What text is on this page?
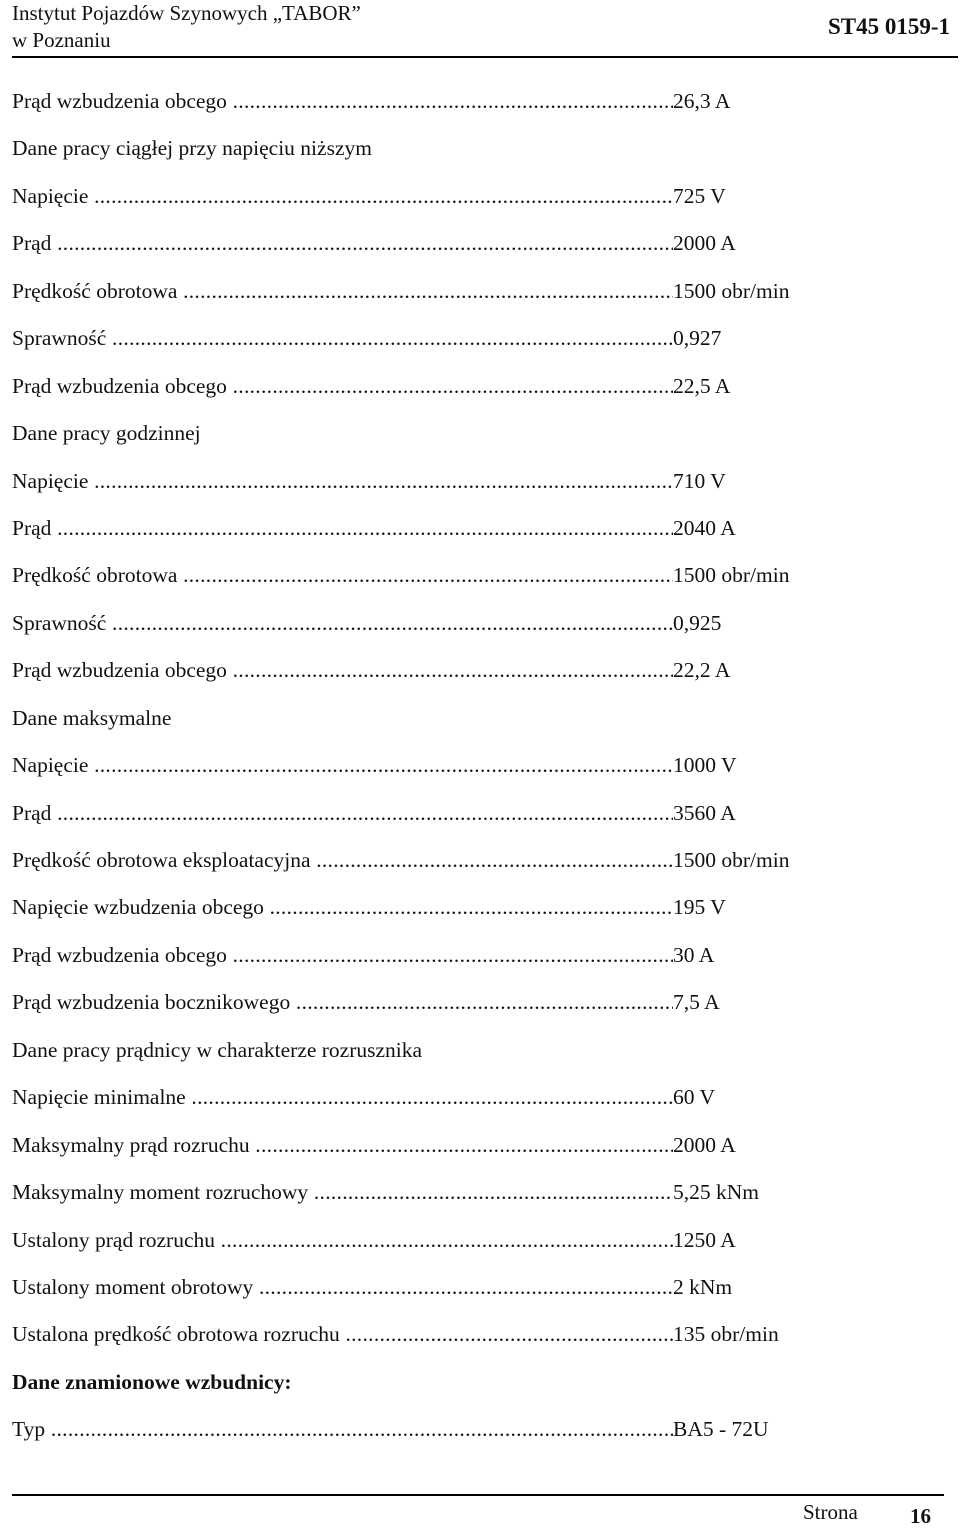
Instytut Pojazdów Szynowych „TABOR”
w Poznaniu
ST45 0159-1
Prąd wzbudzenia obcego .....	26,3 A
Dane pracy ciągłej przy napięciu niższym
Napięcie .....	725 V
Prąd .....	2000 A
Prędkość obrotowa .....	1500 obr/min
Sprawność .....	0,927
Prąd wzbudzenia obcego .....	22,5 A
Dane pracy godzinnej
Napięcie .....	710 V
Prąd .....	2040 A
Prędkość obrotowa .....	1500 obr/min
Sprawność .....	0,925
Prąd wzbudzenia obcego .....	22,2 A
Dane maksymalne
Napięcie .....	1000 V
Prąd .....	3560 A
Prędkość obrotowa eksploatacyjna .....	1500 obr/min
Napięcie wzbudzenia obcego .....	195 V
Prąd wzbudzenia obcego .....	30 A
Prąd wzbudzenia bocznikowego .....	7,5 A
Dane pracy prądnicy w charakterze rozrusznika
Napięcie minimalne .....	60 V
Maksymalny prąd rozruchu .....	2000 A
Maksymalny moment rozruchowy .....	5,25 kNm
Ustalony prąd rozruchu .....	1250 A
Ustalony moment obrotowy .....	2 kNm
Ustalona prędkość obrotowa rozruchu .....	135 obr/min
Dane znamionowe wzbudnicy:
Typ .....	BA5 - 72U
Strona 16
